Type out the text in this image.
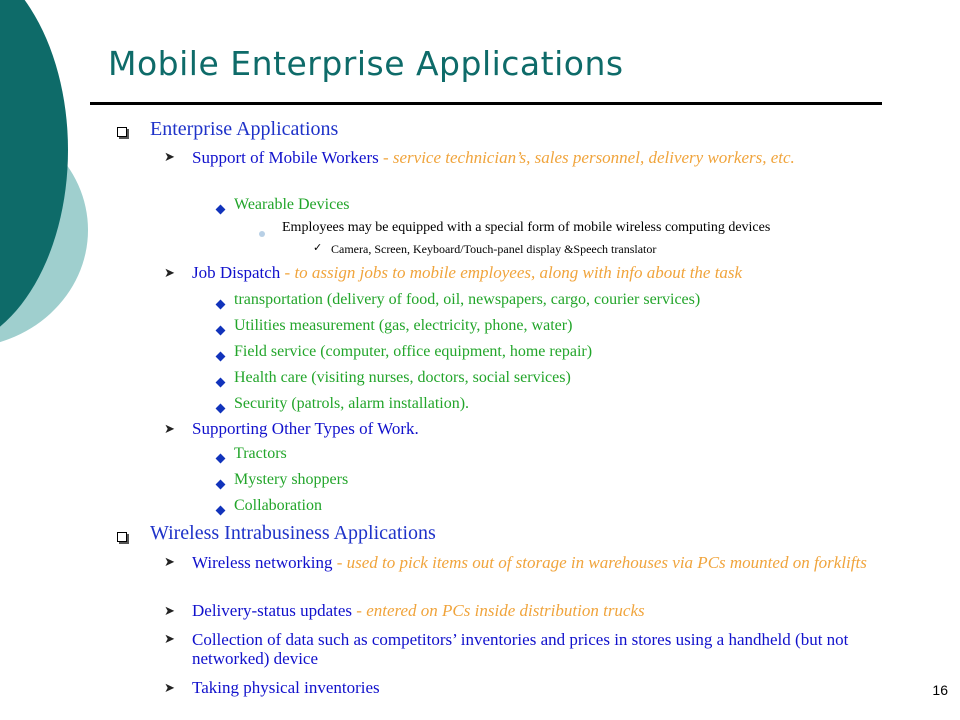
Mobile Enterprise Applications
Enterprise Applications
➤ Support of Mobile Workers - service technician’s, sales personnel, delivery workers, etc.
Wearable Devices
Employees may be equipped with a special form of mobile wireless computing devices
✓ Camera, Screen, Keyboard/Touch-panel display &Speech translator
➤ Job Dispatch - to assign jobs to mobile employees, along with info about the task
transportation (delivery of food, oil, newspapers, cargo, courier services)
Utilities measurement (gas, electricity, phone, water)
Field service (computer, office equipment, home repair)
Health care (visiting nurses, doctors, social services)
Security (patrols, alarm installation).
➤ Supporting Other Types of Work.
Tractors
Mystery shoppers
Collaboration
Wireless Intrabusiness Applications
➤ Wireless networking - used to pick items out of storage in warehouses via PCs mounted on forklifts
➤ Delivery-status updates - entered on PCs inside distribution trucks
➤ Collection of data such as competitors’ inventories and prices in stores using a handheld (but not networked) device
➤ Taking physical inventories	16
